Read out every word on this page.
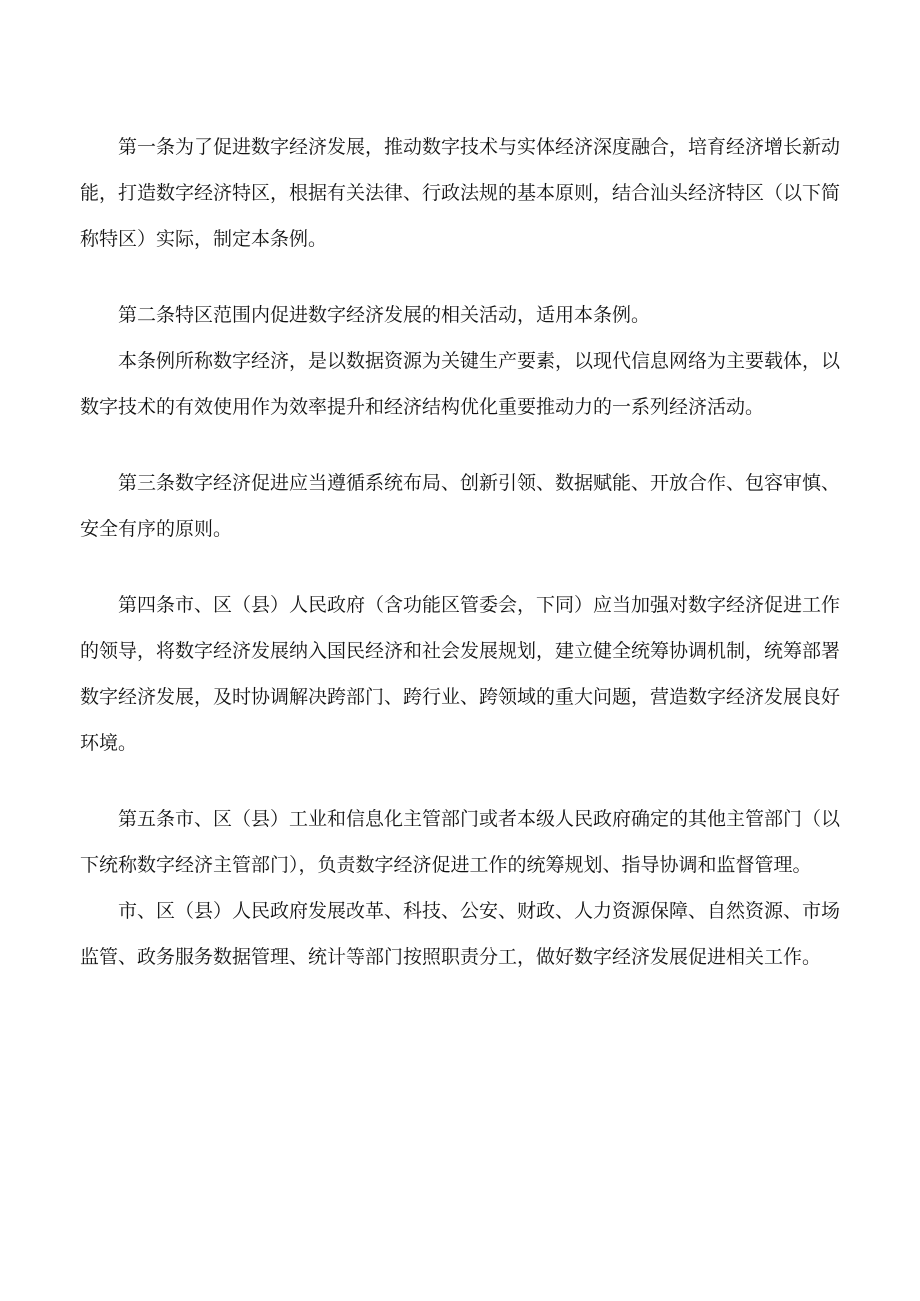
第一条为了促进数字经济发展，推动数字技术与实体经济深度融合，培育经济增长新动能，打造数字经济特区，根据有关法律、行政法规的基本原则，结合汕头经济特区（以下简称特区）实际，制定本条例。

第二条特区范围内促进数字经济发展的相关活动，适用本条例。

本条例所称数字经济，是以数据资源为关键生产要素，以现代信息网络为主要载体，以数字技术的有效使用作为效率提升和经济结构优化重要推动力的一系列经济活动。

第三条数字经济促进应当遵循系统布局、创新引领、数据赋能、开放合作、包容审慎、安全有序的原则。

第四条市、区（县）人民政府（含功能区管委会，下同）应当加强对数字经济促进工作的领导，将数字经济发展纳入国民经济和社会发展规划，建立健全统筹协调机制，统筹部署数字经济发展，及时协调解决跨部门、跨行业、跨领域的重大问题，营造数字经济发展良好环境。

第五条市、区（县）工业和信息化主管部门或者本级人民政府确定的其他主管部门（以下统称数字经济主管部门），负责数字经济促进工作的统筹规划、指导协调和监督管理。

市、区（县）人民政府发展改革、科技、公安、财政、人力资源保障、自然资源、市场监管、政务服务数据管理、统计等部门按照职责分工，做好数字经济发展促进相关工作。
